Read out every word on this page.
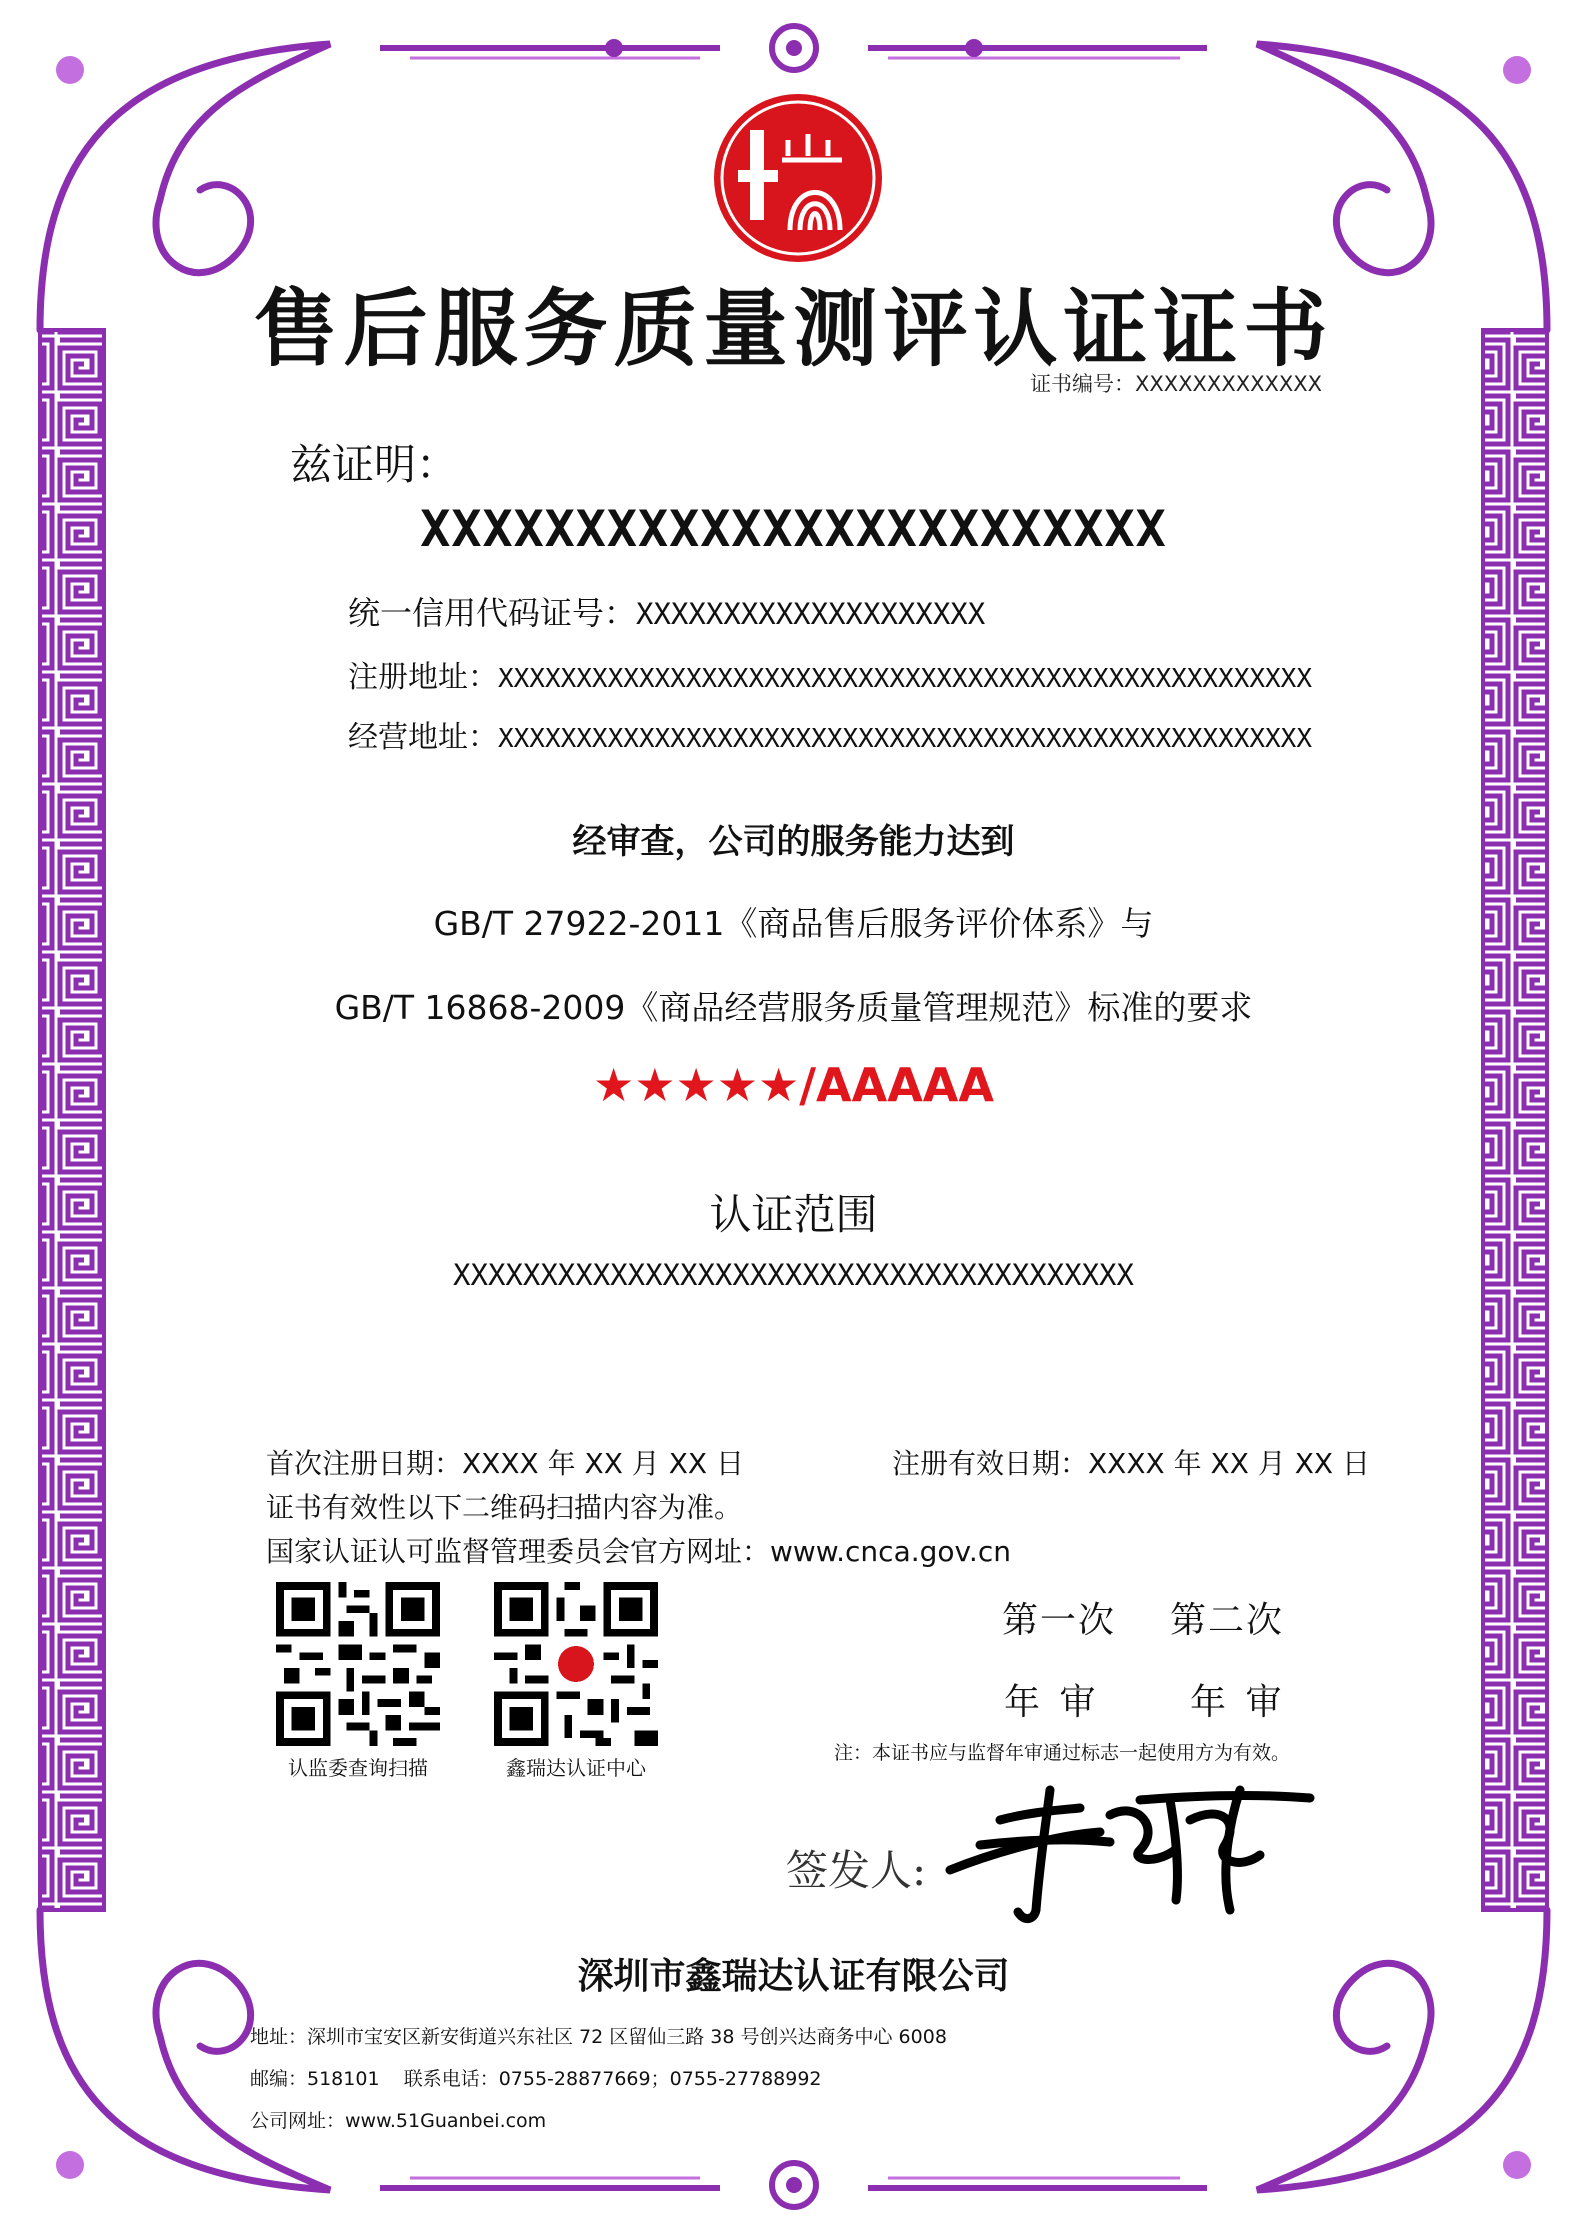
售后服务质量测评认证证书
证书编号：XXXXXXXXXXXXX
兹证明：
XXXXXXXXXXXXXXXXXXXXXXXX
统一信用代码证号：XXXXXXXXXXXXXXXXXXXX
注册地址：XXXXXXXXXXXXXXXXXXXXXXXXXXXXXXXXXXXXXXXXXXXXXXXXXXXX
经营地址：XXXXXXXXXXXXXXXXXXXXXXXXXXXXXXXXXXXXXXXXXXXXXXXXXXXX
经审查，公司的服务能力达到
GB/T 27922-2011《商品售后服务评价体系》与
GB/T 16868-2009《商品经营服务质量管理规范》标准的要求
★★★★★/AAAAA
认证范围
XXXXXXXXXXXXXXXXXXXXXXXXXXXXXXXXXXXXXXX
首次注册日期：XXXX 年 XX 月 XX 日	注册有效日期：XXXX 年 XX 月 XX 日
证书有效性以下二维码扫描内容为准。
国家认证认可监督管理委员会官方网址：www.cnca.gov.cn
认监委查询扫描	鑫瑞达认证中心
第一次 第二次
年 审	年 审
注：本证书应与监督年审通过标志一起使用方为有效。
签发人:
深圳市鑫瑞达认证有限公司
地址：深圳市宝安区新安街道兴东社区 72 区留仙三路 38 号创兴达商务中心 6008
邮编：518101    联系电话：0755-28877669；0755-27788992
公司网址：www.51Guanbei.com
